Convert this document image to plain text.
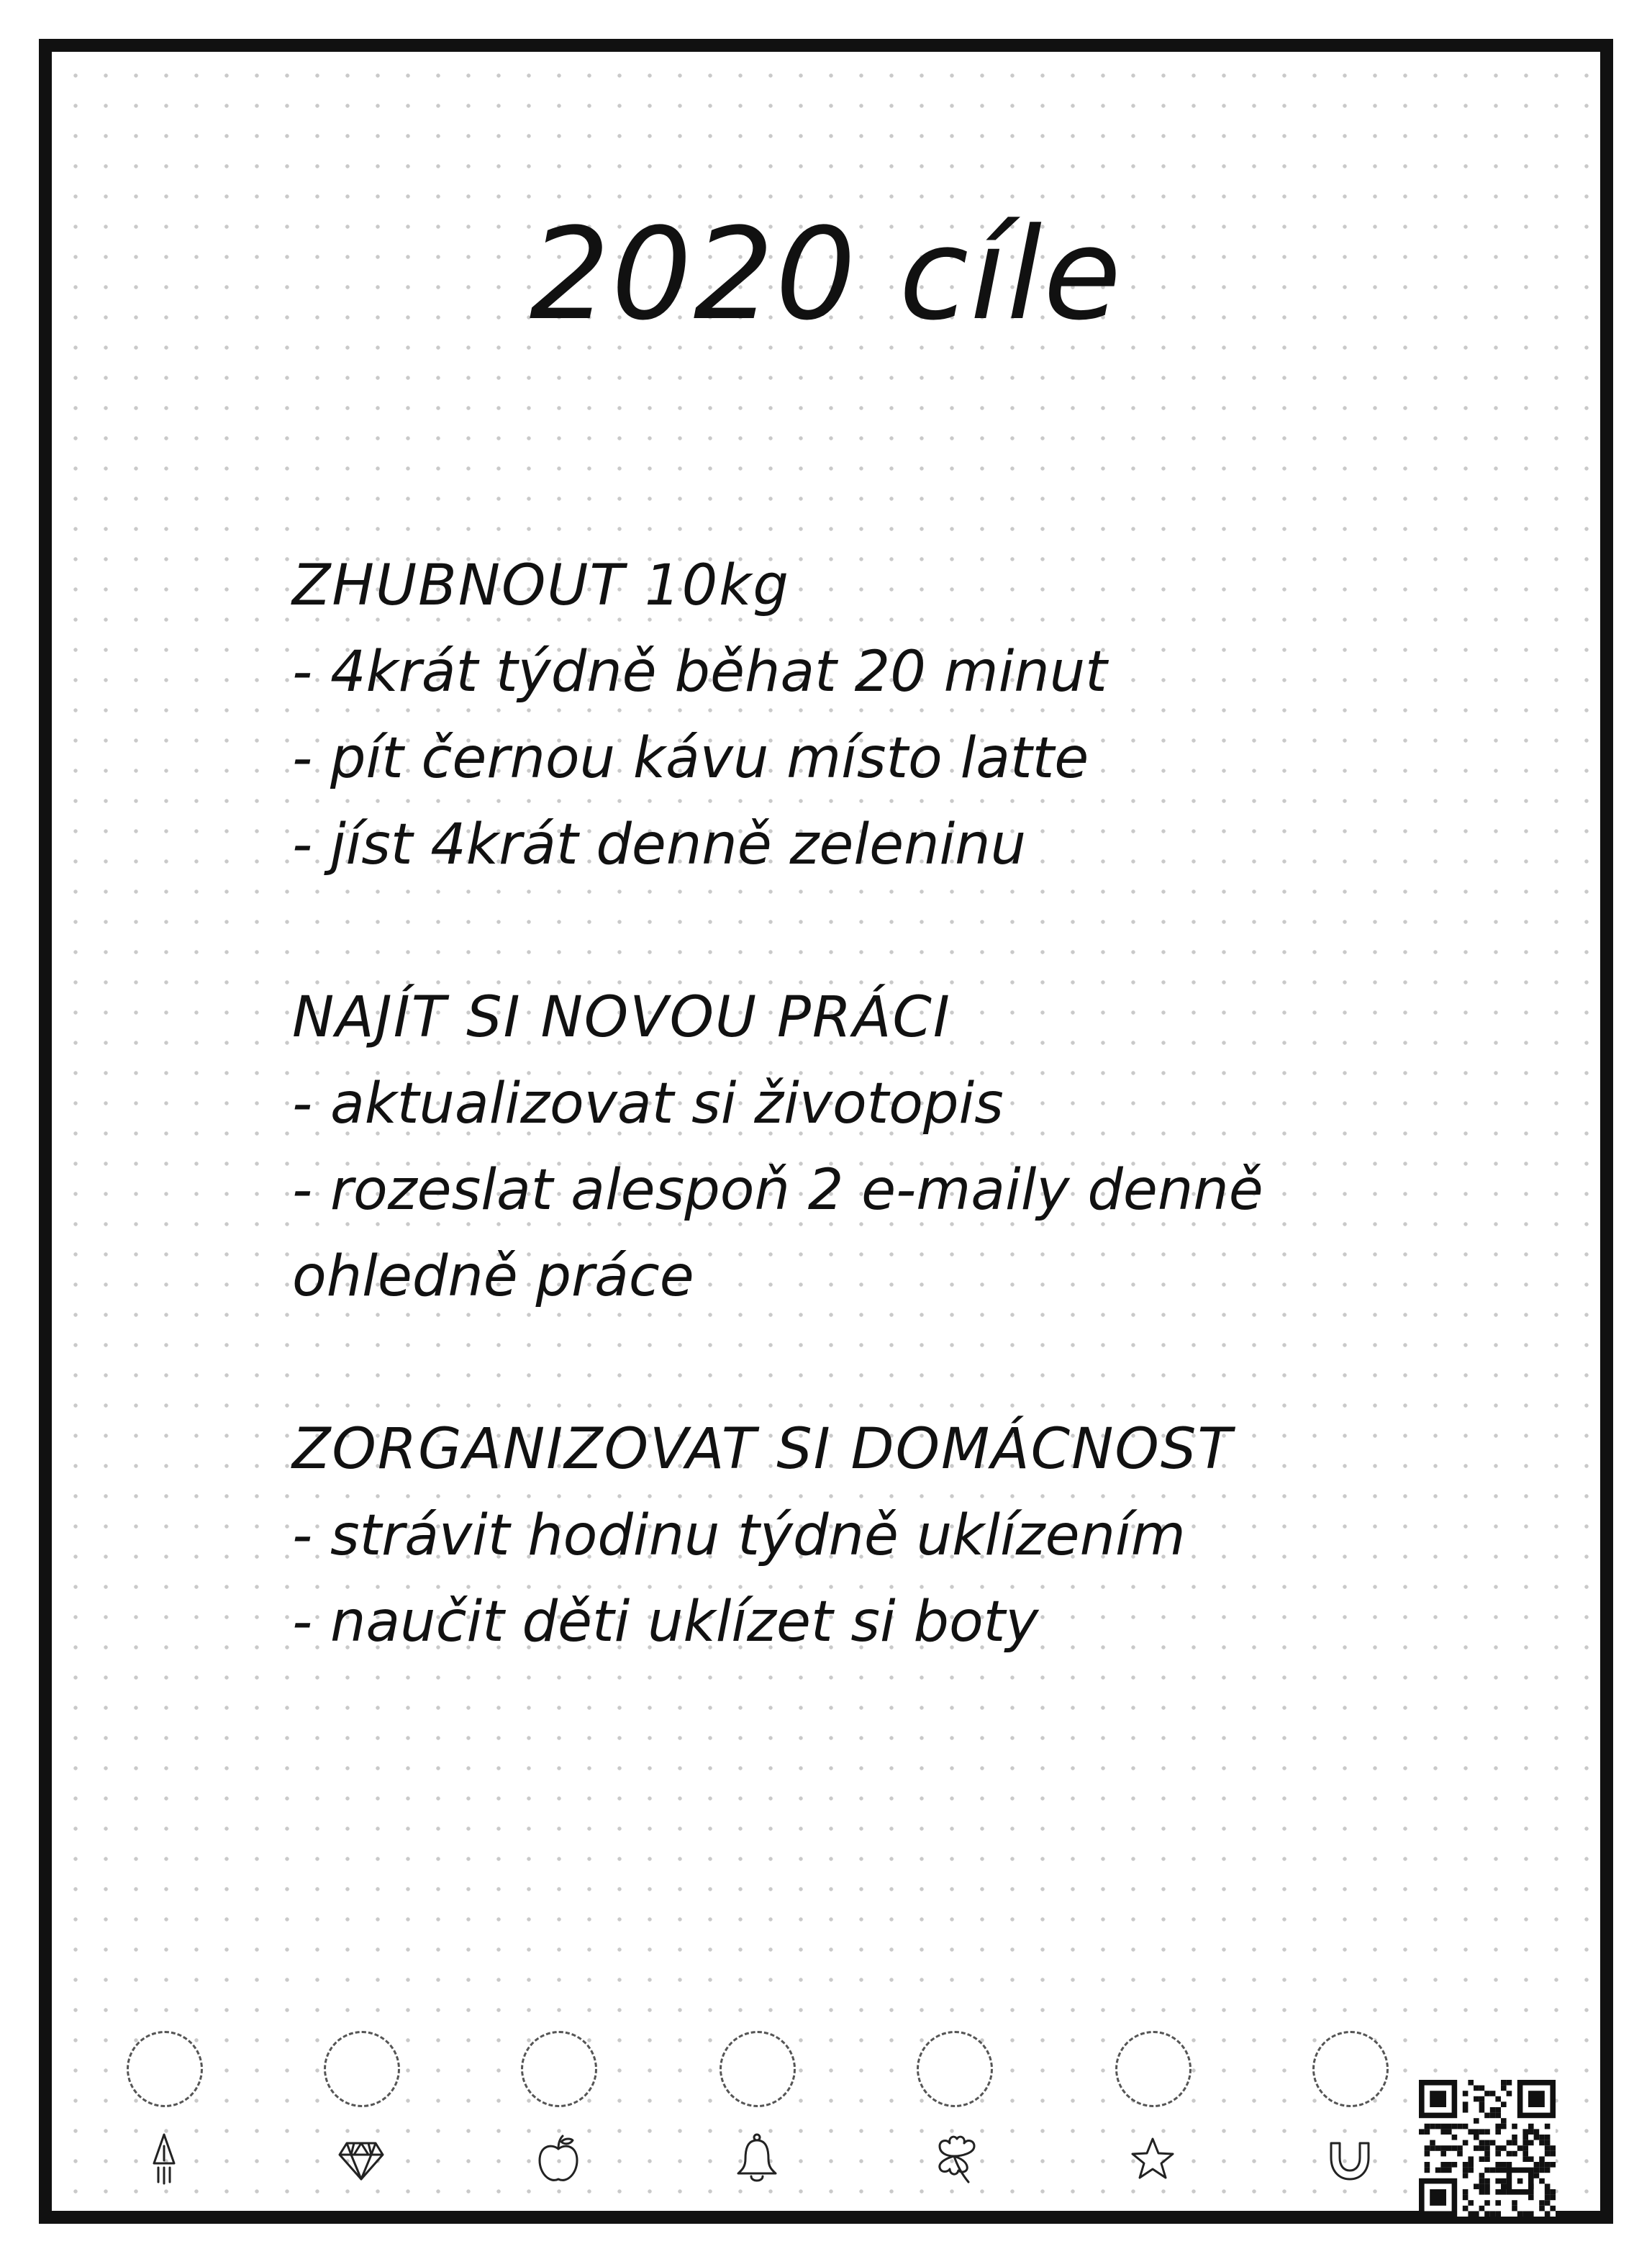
2020 cíle
ZHUBNOUT 10kg
- 4krát týdně běhat 20 minut
- pít černou kávu místo latte
- jíst 4krát denně zeleninu
NAJÍT SI NOVOU PRÁCI
- aktualizovat si životopis
- rozeslat alespoň 2 e-maily denně ohledně práce
ZORGANIZOVAT SI DOMÁCNOST
- strávit hodinu týdně uklízením
- naučit děti uklízet si boty
